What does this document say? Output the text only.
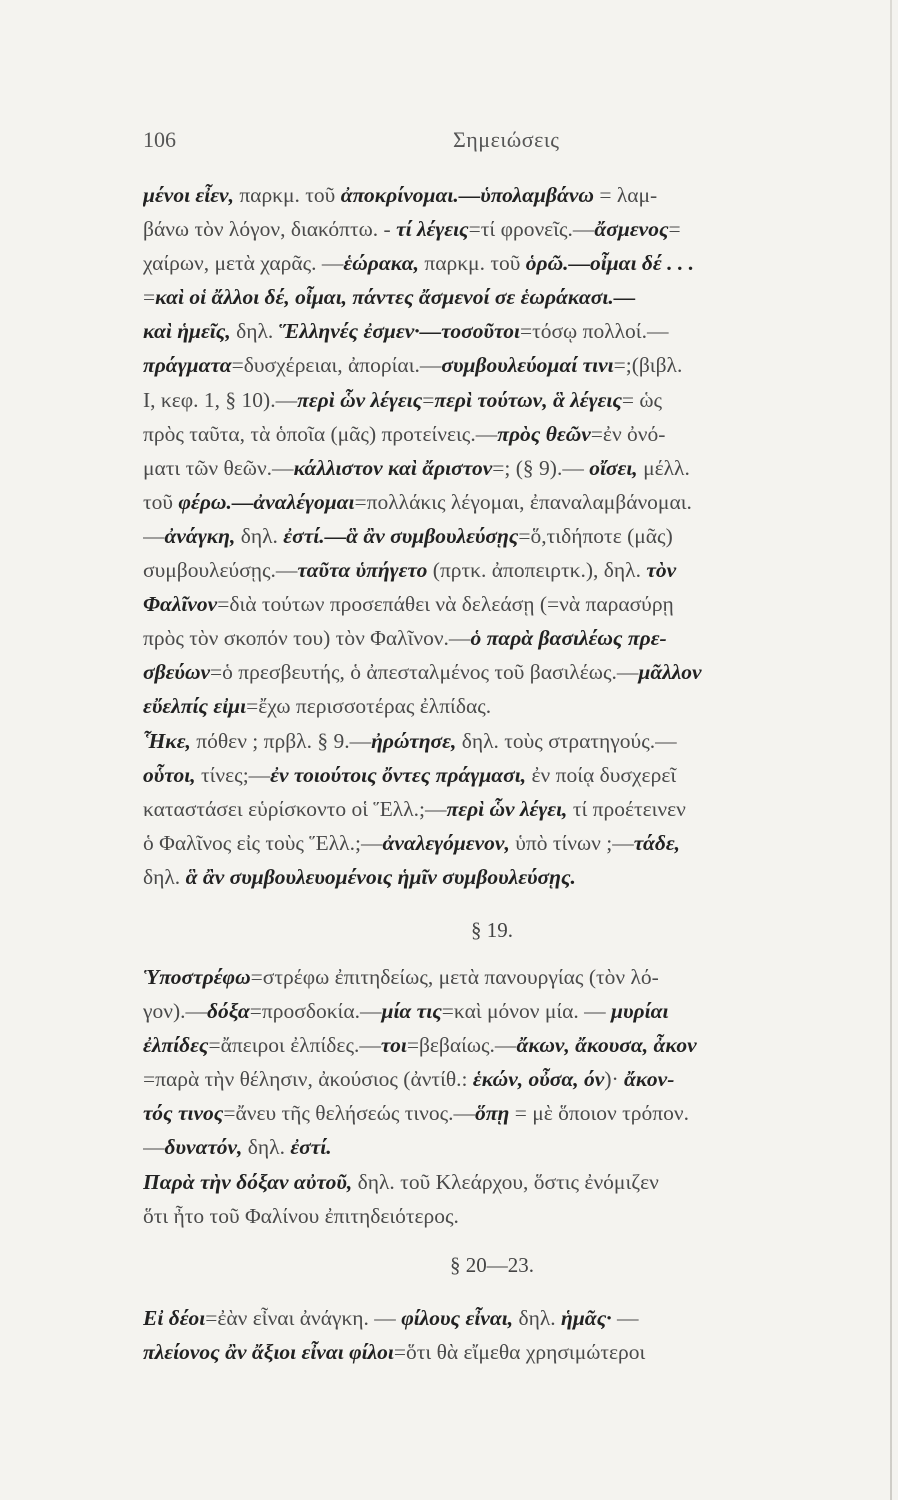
106	Σημειώσεις
μένοι εἶεν, παρκμ. τοῦ ἀποκρίνομαι.—ὑπολαμβάνω = λαμ-
βάνω τὸν λόγον, διακόπτω. - τί λέγεις=τί φρονεῖς.—ἄσμενος=
χαίρων, μετὰ χαρᾶς. —ἑώρακα, παρκμ. τοῦ ὁρῶ.—οἶμαι δέ . . .
=καὶ οἱ ἄλλοι δέ, οἶμαι, πάντες ἄσμενοί σε ἑωράκασι.—
καὶ ἡμεῖς, δηλ. Ἕλληνές ἐσμεν·—τοσοῦτοι=τόσῳ πολλοί.—
πράγματα=δυσχέρειαι, ἀπορίαι.—συμβουλεύομαί τινι=;(βιβλ.
I, κεφ. 1, § 10).—περὶ ὧν λέγεις=περὶ τούτων, ἃ λέγεις= ὡς
πρὸς ταῦτα, τὰ ὁποῖα (μᾶς) προτείνεις.—πρὸς θεῶν=ἐν ὀνό-
ματι τῶν θεῶν.—κάλλιστον καὶ ἄριστον=; (§ 9).— οἴσει, μέλλ.
τοῦ φέρω.—ἀναλέγομαι=πολλάκις λέγομαι, ἐπαναλαμβάνομαι.
—ἀνάγκη, δηλ. ἐστί.—ἃ ἂν συμβουλεύσῃς=ὅ,τιδήποτε (μᾶς)
συμβουλεύσῃς.—ταῦτα ὑπήγετο (πρτκ. ἀποπειρτκ.), δηλ. τὸν
Φαλῖνον=διὰ τούτων προσεπάθει νὰ δελεάσῃ (=νὰ παρασύρῃ
πρὸς τὸν σκοπόν του) τὸν Φαλῖνον.—ὁ παρὰ βασιλέως πρε-
σβεύων=ὁ πρεσβευτής, ὁ ἀπεσταλμένος τοῦ βασιλέως.—μᾶλλον
εὔελπίς εἰμι=ἔχω περισσοτέρας ἐλπίδας.
Ἧκε, πόθεν ; πρβλ. § 9.—ἠρώτησε, δηλ. τοὺς στρατηγούς.—
οὗτοι, τίνες;—ἐν τοιούτοις ὄντες πράγμασι, ἐν ποίᾳ δυσχερεῖ
καταστάσει εὑρίσκοντο οἱ Ἕλλ.;—περὶ ὧν λέγει, τί προέτεινεν
ὁ Φαλῖνος εἰς τοὺς Ἕλλ.;—ἀναλεγόμενον, ὑπὸ τίνων ;—τάδε,
δηλ. ἃ ἂν συμβουλευομένοις ἡμῖν συμβουλεύσῃς.
§ 19.
Ὑποστρέφω=στρέφω ἐπιτηδείως, μετὰ πανουργίας (τὸν λό-
γον).—δόξα=προσδοκία.—μία τις=καὶ μόνον μία. — μυρίαι
ἐλπίδες=ἄπειροι ἐλπίδες.—τοι=βεβαίως.—ἄκων, ἄκουσα, ἆκον
=παρὰ τὴν θέλησιν, ἀκούσιος (ἀντίθ.: ἑκών, οὖσα, όν)· ἄκον-
τός τινος=ἄνευ τῆς θελήσεώς τινος.—ὅπῃ = μὲ ὅποιον τρόπον.
—δυνατόν, δηλ. ἐστί.
Παρὰ τὴν δόξαν αὐτοῦ, δηλ. τοῦ Κλεάρχου, ὅστις ἐνόμιζεν
ὅτι ἦτο τοῦ Φαλίνου ἐπιτηδειότερος.
§ 20—23.
Εἰ δέοι=ἐὰν εἶναι ἀνάγκη. — φίλους εἶναι, δηλ. ἡμᾶς· —
πλείονος ἂν ἄξιοι εἶναι φίλοι=ὅτι θὰ εἴμεθα χρησιμώτεροι
